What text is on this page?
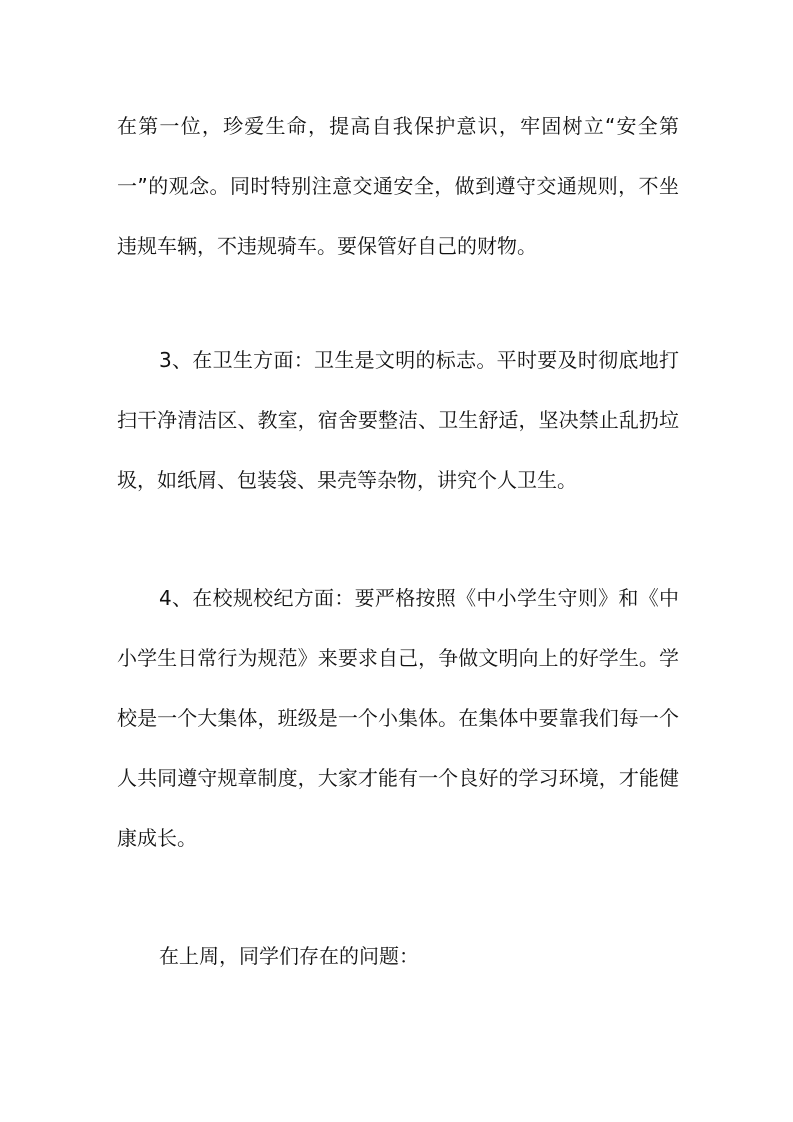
在第一位，珍爱生命，提高自我保护意识，牢固树立“安全第一”的观念。同时特别注意交通安全，做到遵守交通规则，不坐违规车辆，不违规骑车。要保管好自己的财物。

3、在卫生方面：卫生是文明的标志。平时要及时彻底地打扫干净清洁区、教室，宿舍要整洁、卫生舒适，坚决禁止乱扔垃圾，如纸屑、包装袋、果壳等杂物，讲究个人卫生。

4、在校规校纪方面：要严格按照《中小学生守则》和《中小学生日常行为规范》来要求自己，争做文明向上的好学生。学校是一个大集体，班级是一个小集体。在集体中要靠我们每一个人共同遵守规章制度，大家才能有一个良好的学习环境，才能健康成长。

在上周，同学们存在的问题：
